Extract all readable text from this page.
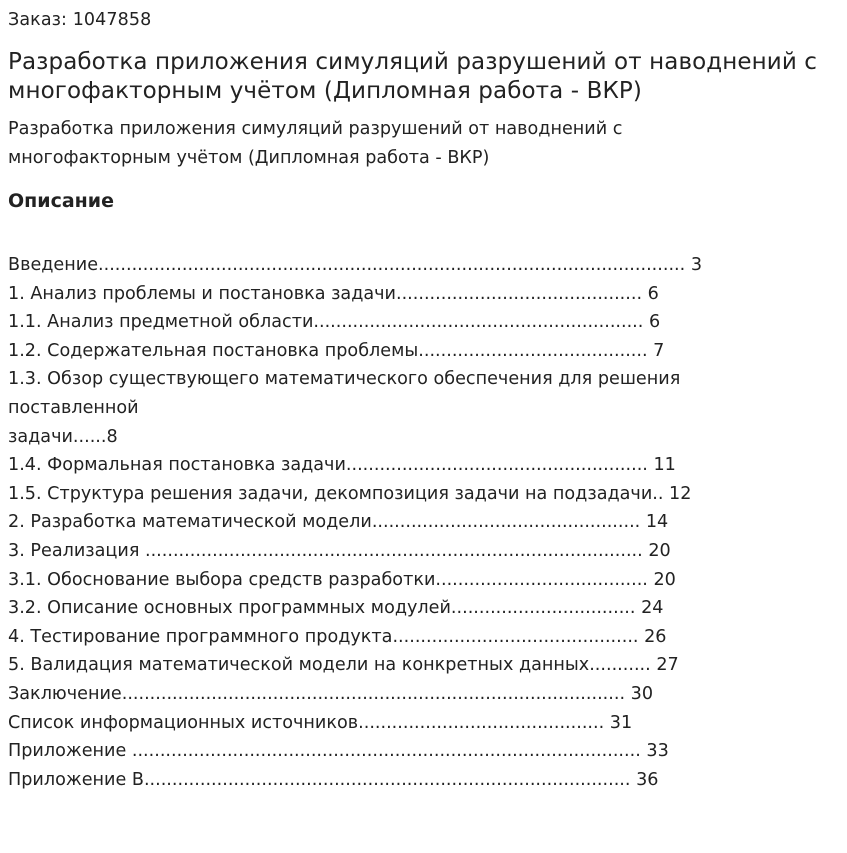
Заказ: 1047858

Разработка приложения симуляций разрушений от наводнений с многофакторным учётом (Дипломная работа - ВКР)

Разработка приложения симуляций разрушений от наводнений с многофакторным учётом (Дипломная работа - ВКР)

Описание
Введение......................................................................................................... 3
1. Анализ проблемы и постановка задачи............................................ 6
1.1. Анализ предметной области........................................................... 6
1.2. Содержательная постановка проблемы......................................... 7
1.3. Обзор существующего математического обеспечения для решения
поставленной
задачи......8
1.4. Формальная постановка задачи...................................................... 11
1.5. Структура решения задачи, декомпозиция задачи на подзадачи.. 12
2. Разработка математической модели................................................ 14
3. Реализация ......................................................................................... 20
3.1. Обоснование выбора средств разработки...................................... 20
3.2. Описание основных программных модулей................................. 24
4. Тестирование программного продукта............................................ 26
5. Валидация математической модели на конкретных данных........... 27
Заключение.......................................................................................... 30
Список информационных источников............................................ 31
Приложение ........................................................................................... 33
Приложение В....................................................................................... 36
